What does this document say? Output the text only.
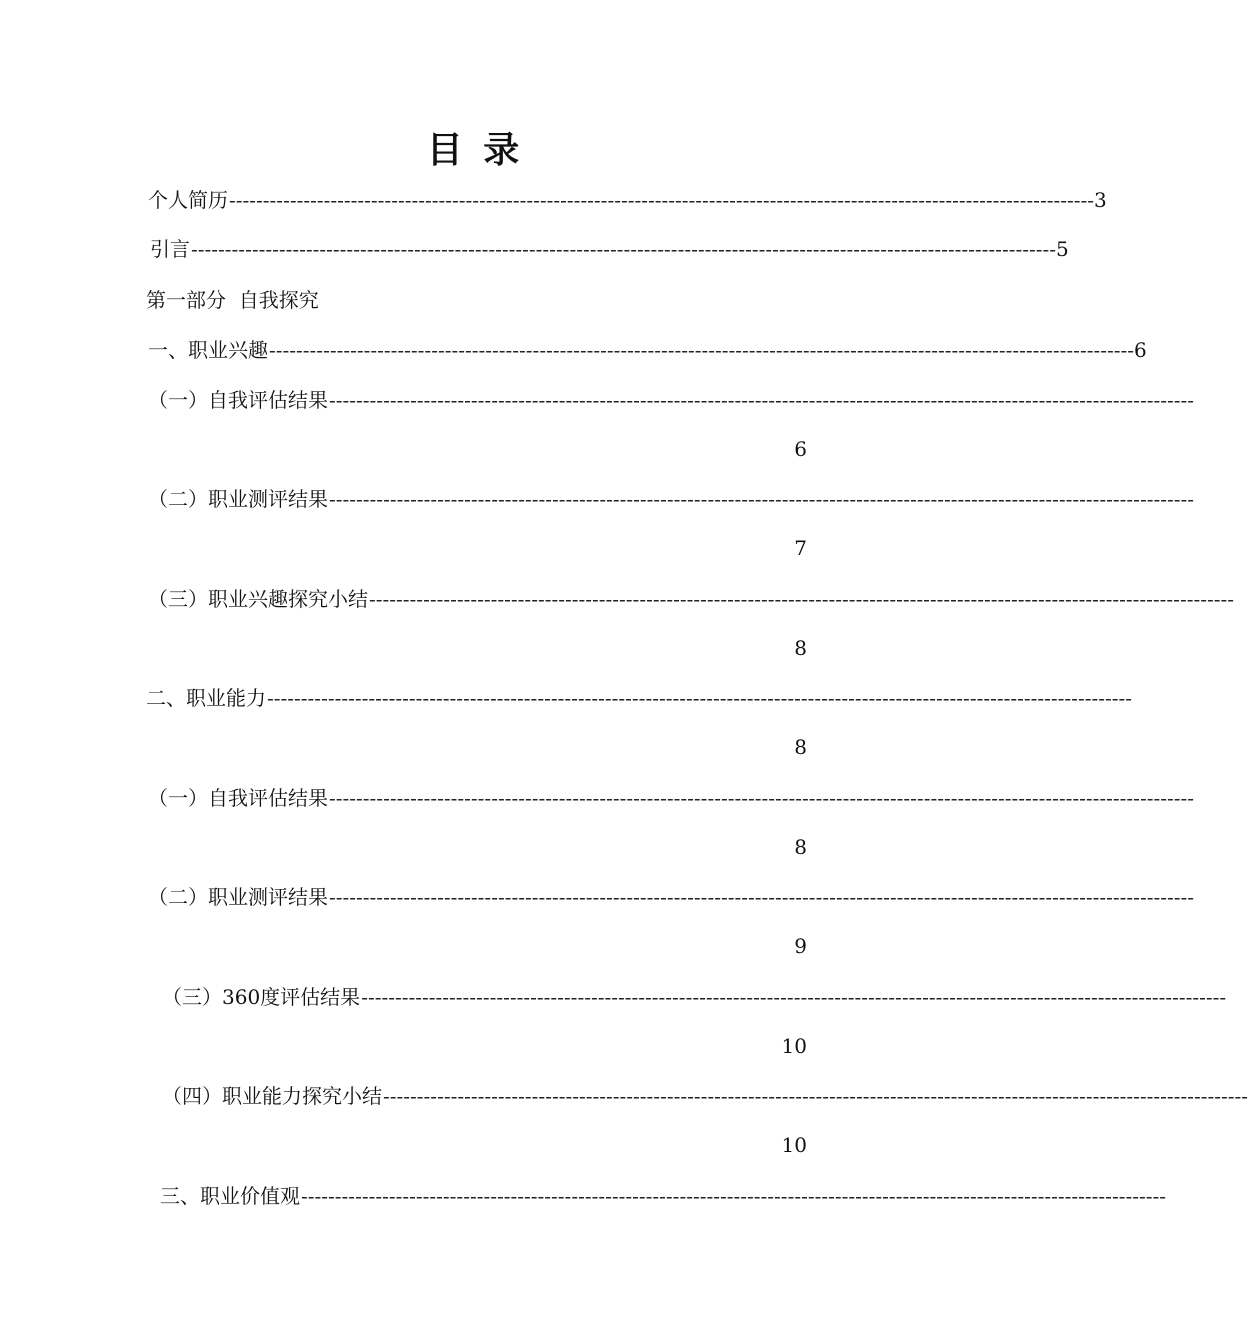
目 录
个人简历 -------------------------------------------------------------------------------------------------------------------------------- 3
引言 -------------------------------------------------------------------------------------------------------------------------------- 5
第一部分  自我探究
一、职业兴趣 -------------------------------------------------------------------------------------------------------------------------------- 6
（一）自我评估结果 --------------------------------------------------------------------------------------------------------------------------------
6
（二）职业测评结果 --------------------------------------------------------------------------------------------------------------------------------
7
（三）职业兴趣探究小结 --------------------------------------------------------------------------------------------------------------------------------
8
二、职业能力 --------------------------------------------------------------------------------------------------------------------------------
8
（一）自我评估结果 --------------------------------------------------------------------------------------------------------------------------------
8
（二）职业测评结果 --------------------------------------------------------------------------------------------------------------------------------
9
（三）360度评估结果 --------------------------------------------------------------------------------------------------------------------------------
10
（四）职业能力探究小结 --------------------------------------------------------------------------------------------------------------------------------
10
三、职业价值观 --------------------------------------------------------------------------------------------------------------------------------
